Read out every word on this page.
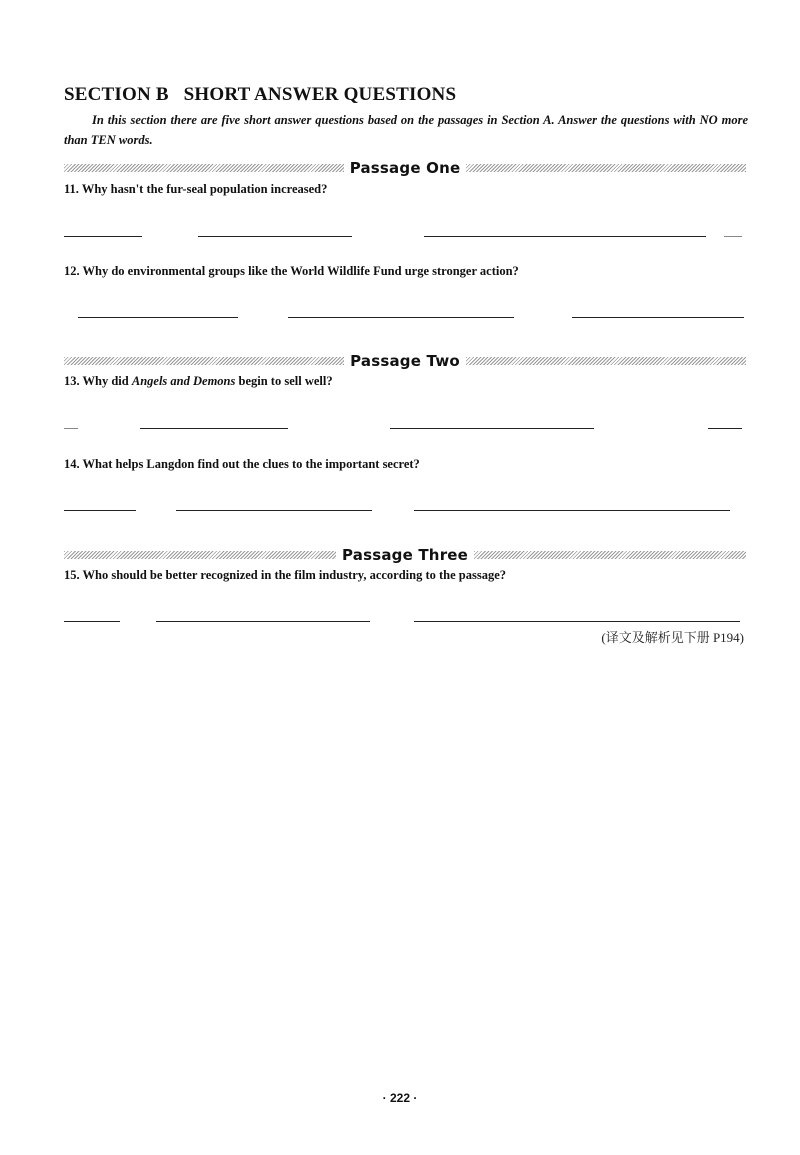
SECTION B   SHORT ANSWER QUESTIONS
In this section there are five short answer questions based on the passages in Section A. Answer the questions with NO more than TEN words.
Passage One
11. Why hasn't the fur-seal population increased?
12. Why do environmental groups like the World Wildlife Fund urge stronger action?
Passage Two
13. Why did Angels and Demons begin to sell well?
14. What helps Langdon find out the clues to the important secret?
Passage Three
15. Who should be better recognized in the film industry, according to the passage?
(译文及解析见下册 P194)
· 222 ·
